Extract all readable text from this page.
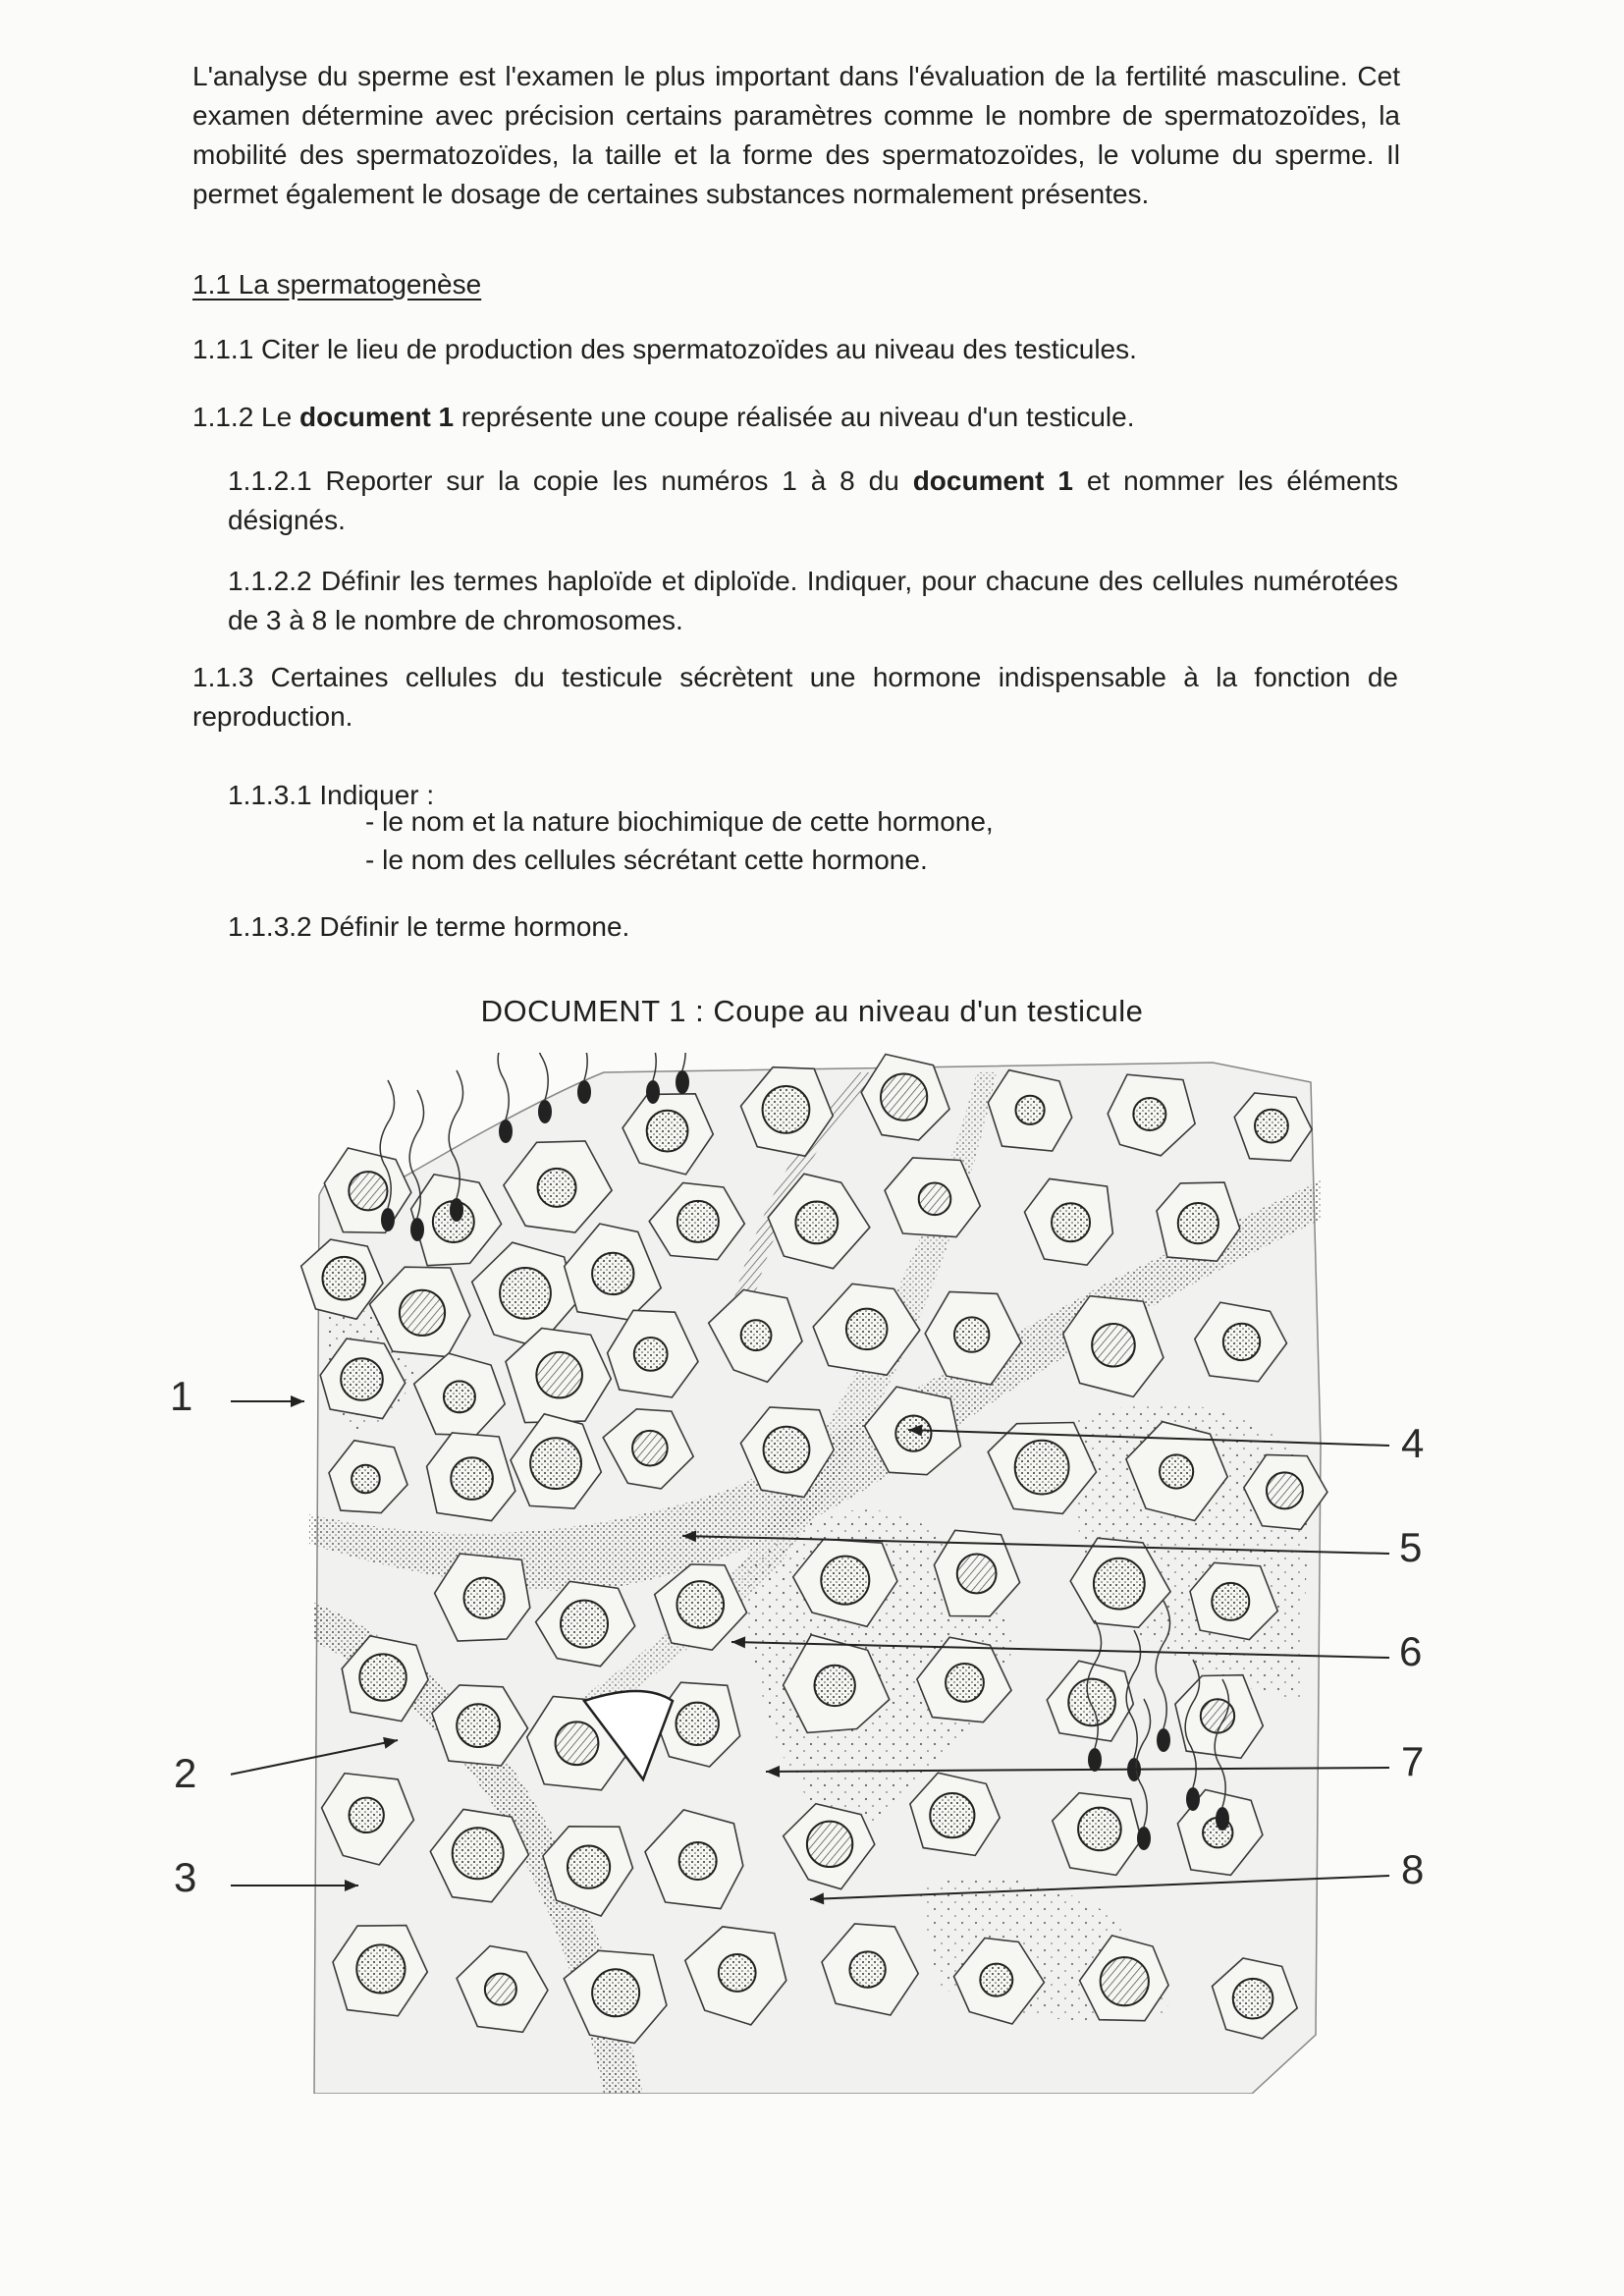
L'analyse du sperme est l'examen le plus important dans l'évaluation de la fertilité masculine. Cet examen détermine avec précision certains paramètres comme le nombre de spermatozoïdes, la mobilité des spermatozoïdes, la taille et la forme des spermatozoïdes, le volume du sperme. Il permet également le dosage de certaines substances normalement présentes.
1.1 La spermatogenèse
1.1.1 Citer le lieu de production des spermatozoïdes au niveau des testicules.
1.1.2 Le document 1 représente une coupe réalisée au niveau d'un testicule.
1.1.2.1 Reporter sur la copie les numéros 1 à 8 du document 1 et nommer les éléments désignés.
1.1.2.2 Définir les termes haploïde et diploïde. Indiquer, pour chacune des cellules numérotées de 3 à 8 le nombre de chromosomes.
1.1.3 Certaines cellules du testicule sécrètent une hormone indispensable à la fonction de reproduction.
1.1.3.1 Indiquer :
- le nom et la nature biochimique de cette hormone,
- le nom des cellules sécrétant cette hormone.
1.1.3.2 Définir le terme hormone.
DOCUMENT 1 : Coupe au niveau d'un testicule
1
2
3
4
5
6
7
8
